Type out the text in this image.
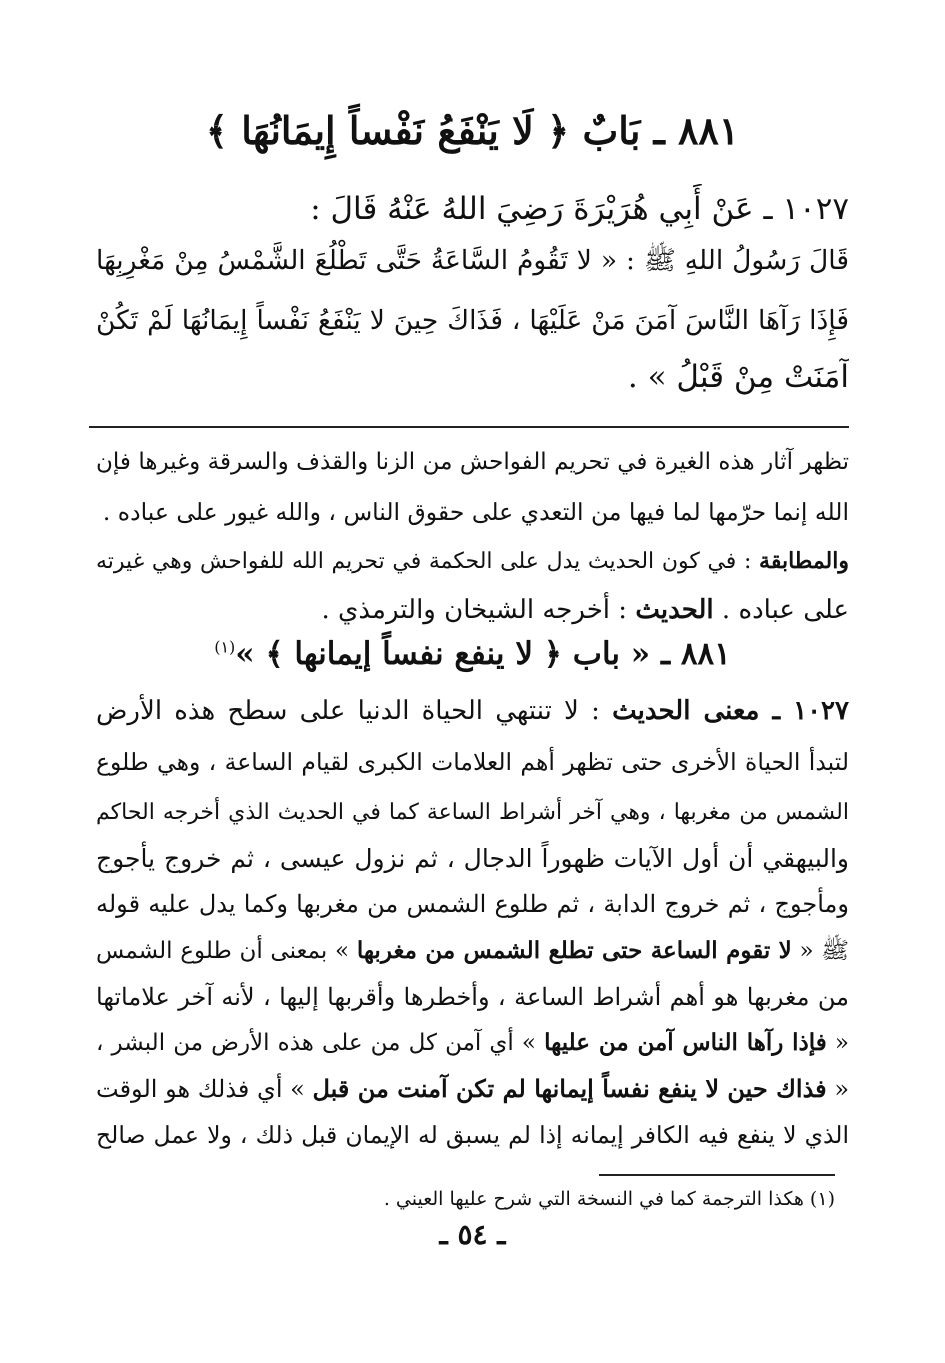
٨٨١ ـ بَابٌ ﴿ لَا يَنْفَعُ نَفْساً إِيمَانُهَا ﴾
١٠٢٧ ـ عَنْ أَبِي هُرَيْرَةَ رَضِيَ اللهُ عَنْهُ قَالَ :
قَالَ رَسُولُ اللهِ ﷺ : « لا تَقُومُ السَّاعَةُ حَتَّى تَطْلُعَ الشَّمْسُ مِنْ مَغْرِبِهَا
فَإِذَا رَآهَا النَّاسَ آمَنَ مَنْ عَلَيْهَا ، فَذَاكَ حِينَ لا يَنْفَعُ نَفْساً إِيمَانُهَا لَمْ تَكُنْ
آمَنَتْ مِنْ قَبْلُ » .
تظهر آثار هذه الغيرة في تحريم الفواحش من الزنا والقذف والسرقة وغيرها فإن
الله إنما حرّمها لما فيها من التعدي على حقوق الناس ، والله غيور على عباده .
والمطابقة : في كون الحديث يدل على الحكمة في تحريم الله للفواحش وهي غيرته
على عباده . الحديث : أخرجه الشيخان والترمذي .
٨٨١ ـ « باب ﴿ لا ينفع نفساً إيمانها ﴾ »$^{(١)}$
١٠٢٧ ـ معنى الحديث : لا تنتهي الحياة الدنيا على سطح هذه الأرض
لتبدأ الحياة الأخرى حتى تظهر أهم العلامات الكبرى لقيام الساعة ، وهي طلوع
الشمس من مغربها ، وهي آخر أشراط الساعة كما في الحديث الذي أخرجه الحاكم
والبيهقي أن أول الآيات ظهوراً الدجال ، ثم نزول عيسى ، ثم خروج يأجوج
ومأجوج ، ثم خروج الدابة ، ثم طلوع الشمس من مغربها وكما يدل عليه قوله
ﷺ « لا تقوم الساعة حتى تطلع الشمس من مغربها » بمعنى أن طلوع الشمس
من مغربها هو أهم أشراط الساعة ، وأخطرها وأقربها إليها ، لأنه آخر علاماتها
« فإذا رآها الناس آمن من عليها » أي آمن كل من على هذه الأرض من البشر ،
« فذاك حين لا ينفع نفساً إيمانها لم تكن آمنت من قبل » أي فذلك هو الوقت
الذي لا ينفع فيه الكافر إيمانه إذا لم يسبق له الإيمان قبل ذلك ، ولا عمل صالح
(١) هكذا الترجمة كما في النسخة التي شرح عليها العيني .
ـ ٥٤ ـ
